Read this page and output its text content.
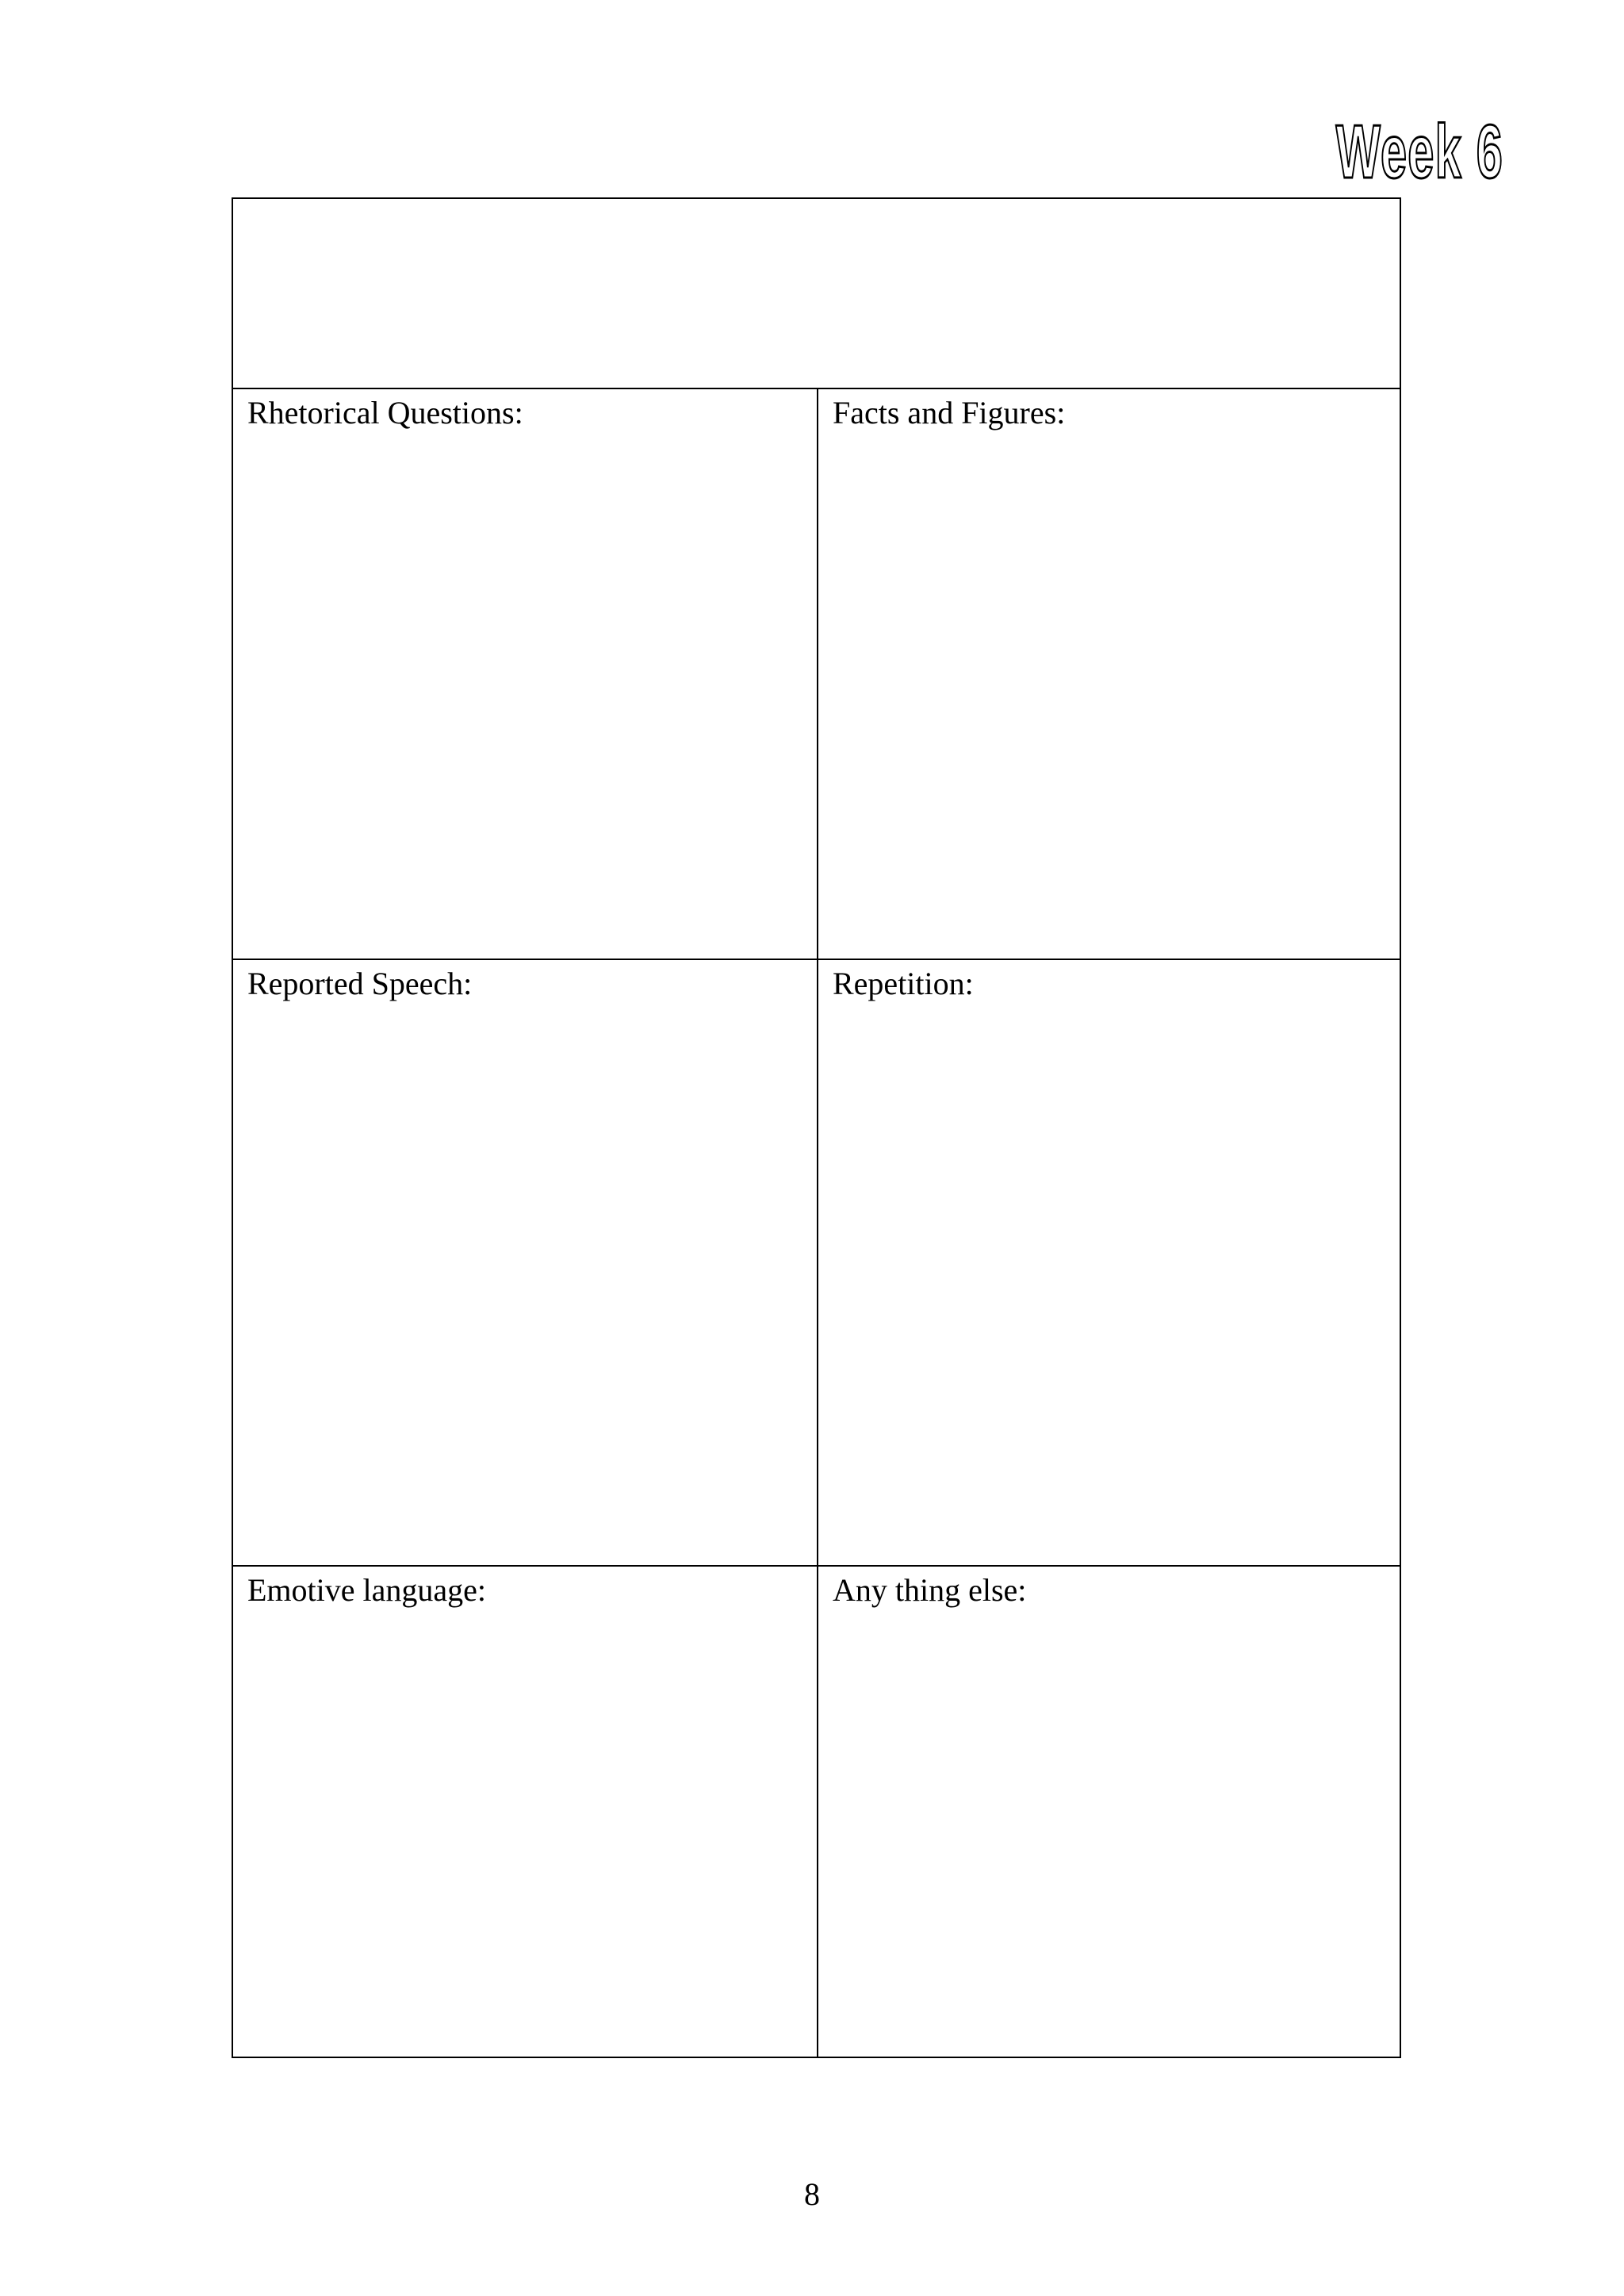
Week 6
Rhetorical Questions:	Facts and Figures:
Reported Speech:	Repetition:
Emotive language:	Any thing else:
8
